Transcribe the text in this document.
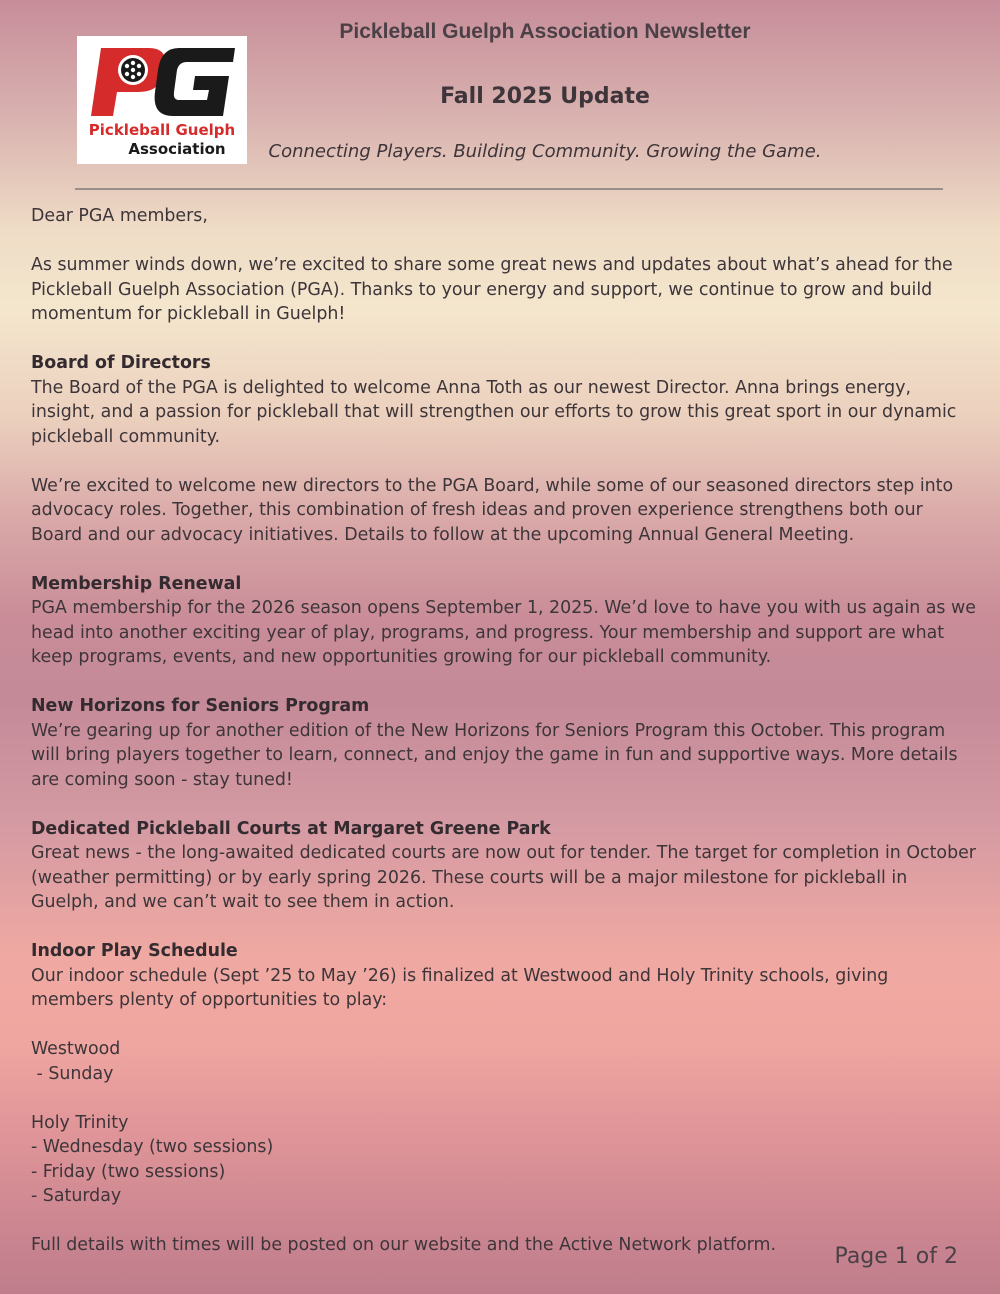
Pickleball Guelph
Association
Pickleball Guelph Association Newsletter
Fall 2025 Update
Connecting Players. Building Community. Growing the Game.

Dear PGA members,

As summer winds down, we’re excited to share some great news and updates about what’s ahead for the Pickleball Guelph Association (PGA). Thanks to your energy and support, we continue to grow and build momentum for pickleball in Guelph!

Board of Directors

The Board of the PGA is delighted to welcome Anna Toth as our newest Director. Anna brings energy, insight, and a passion for pickleball that will strengthen our efforts to grow this great sport in our dynamic pickleball community.

We’re excited to welcome new directors to the PGA Board, while some of our seasoned directors step into advocacy roles. Together, this combination of fresh ideas and proven experience strengthens both our Board and our advocacy initiatives. Details to follow at the upcoming Annual General Meeting.

Membership Renewal

PGA membership for the 2026 season opens September 1, 2025. We’d love to have you with us again as we head into another exciting year of play, programs, and progress. Your membership and support are what keep programs, events, and new opportunities growing for our pickleball community.

New Horizons for Seniors Program

We’re gearing up for another edition of the New Horizons for Seniors Program this October. This program will bring players together to learn, connect, and enjoy the game in fun and supportive ways. More details are coming soon - stay tuned!

Dedicated Pickleball Courts at Margaret Greene Park

Great news - the long-awaited dedicated courts are now out for tender. The target for completion in October (weather permitting) or by early spring 2026. These courts will be a major milestone for pickleball in Guelph, and we can’t wait to see them in action.

Indoor Play Schedule

Our indoor schedule (Sept ’25 to May ’26) is finalized at Westwood and Holy Trinity schools, giving members plenty of opportunities to play:

Westwood
- Sunday
Holy Trinity
- Wednesday (two sessions)
- Friday (two sessions)
- Saturday
Full details with times will be posted on our website and the Active Network platform.	Page 1 of 2
